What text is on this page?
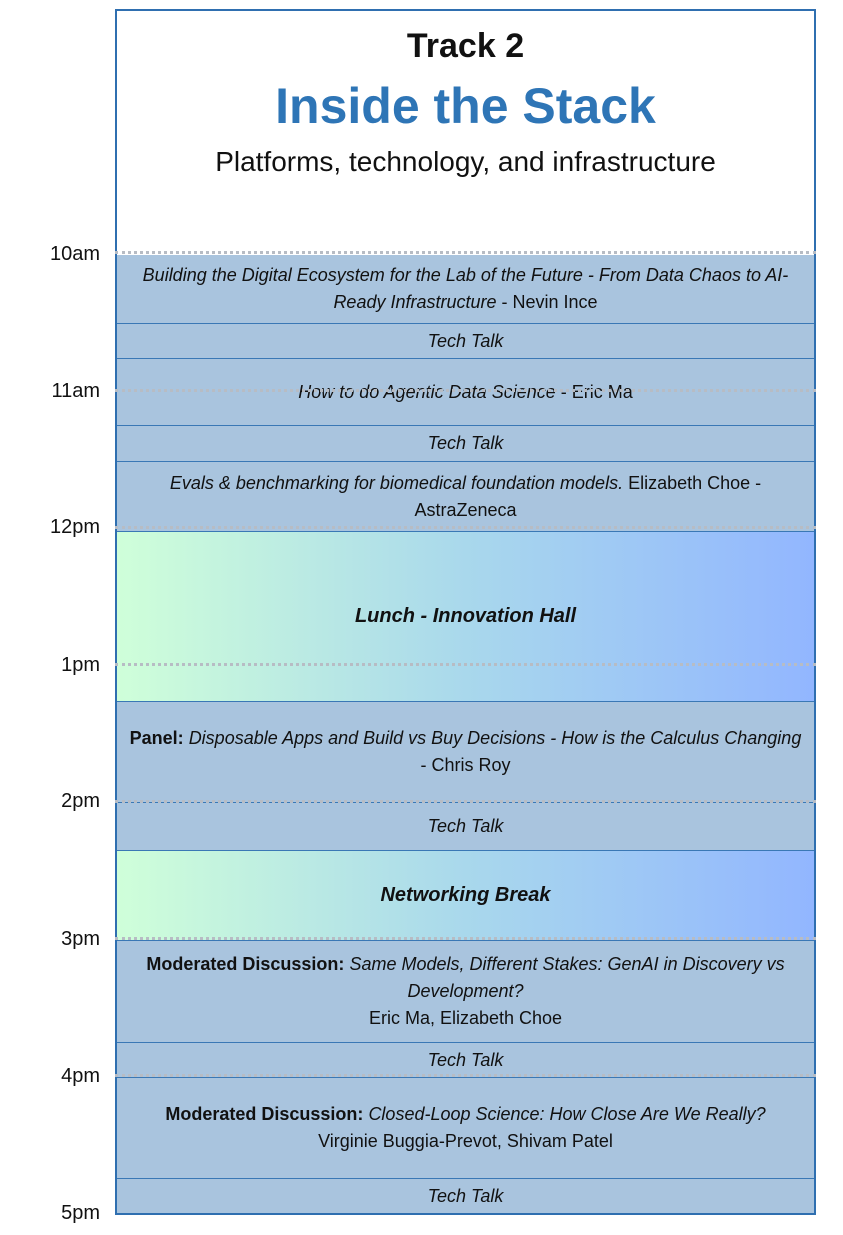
10am
11am
12pm
1pm
2pm
3pm
4pm
5pm
Track 2
Inside the Stack
Platforms, technology, and infrastructure
Building the Digital Ecosystem for the Lab of the Future - From Data Chaos to AI-Ready Infrastructure - Nevin Ince
Tech Talk
How to do Agentic Data Science - Eric Ma
Tech Talk
Evals & benchmarking for biomedical foundation models. Elizabeth Choe - AstraZeneca
Lunch - Innovation Hall
Panel: Disposable Apps and Build vs Buy Decisions - How is the Calculus Changing - Chris Roy
Tech Talk
Networking Break
Moderated Discussion: Same Models, Different Stakes: GenAI in Discovery vs Development?
Eric Ma, Elizabeth Choe
Tech Talk
Moderated Discussion: Closed-Loop Science: How Close Are We Really?
Virginie Buggia-Prevot, Shivam Patel
Tech Talk
